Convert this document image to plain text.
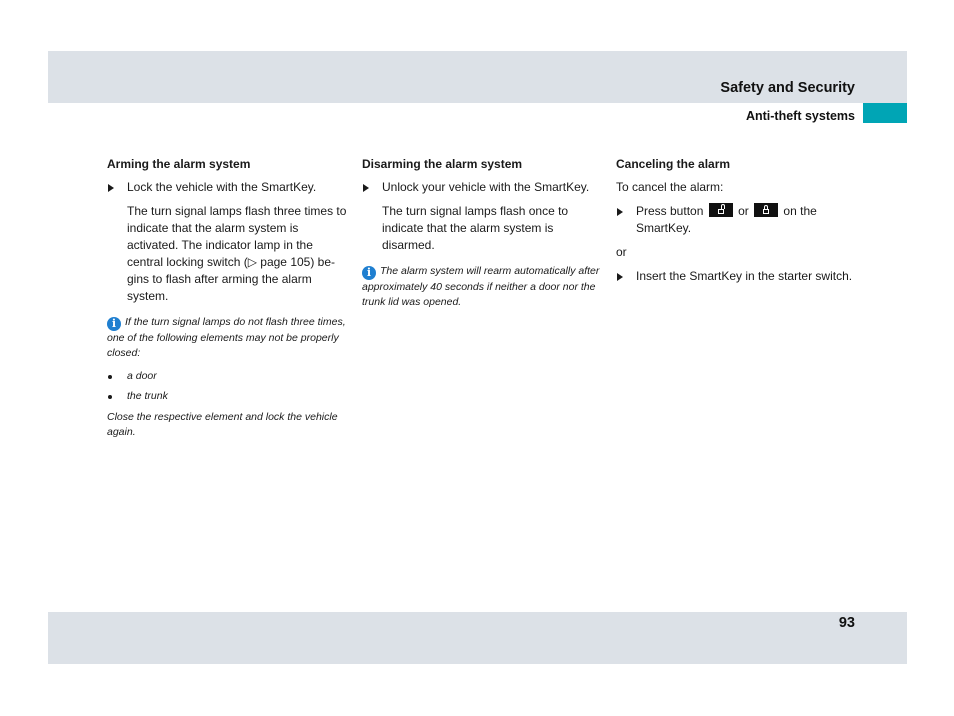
Safety and Security
Anti-theft systems

Arming the alarm system

Lock the vehicle with the SmartKey.

The turn signal lamps flash three times to indicate that the alarm system is activated. The indicator lamp in the central locking switch (▷ page 105) be-gins to flash after arming the alarm system.

i If the turn signal lamps do not flash three times, one of the following elements may not be properly closed:

a door
the trunk

Close the respective element and lock the vehicle again.

Disarming the alarm system

Unlock your vehicle with the SmartKey.

The turn signal lamps flash once to indicate that the alarm system is disarmed.

i The alarm system will rearm automatically after approximately 40 seconds if neither a door nor the trunk lid was opened.

Canceling the alarm

To cancel the alarm:

Press button	or	on the SmartKey.

or

Insert the SmartKey in the starter switch.

93
